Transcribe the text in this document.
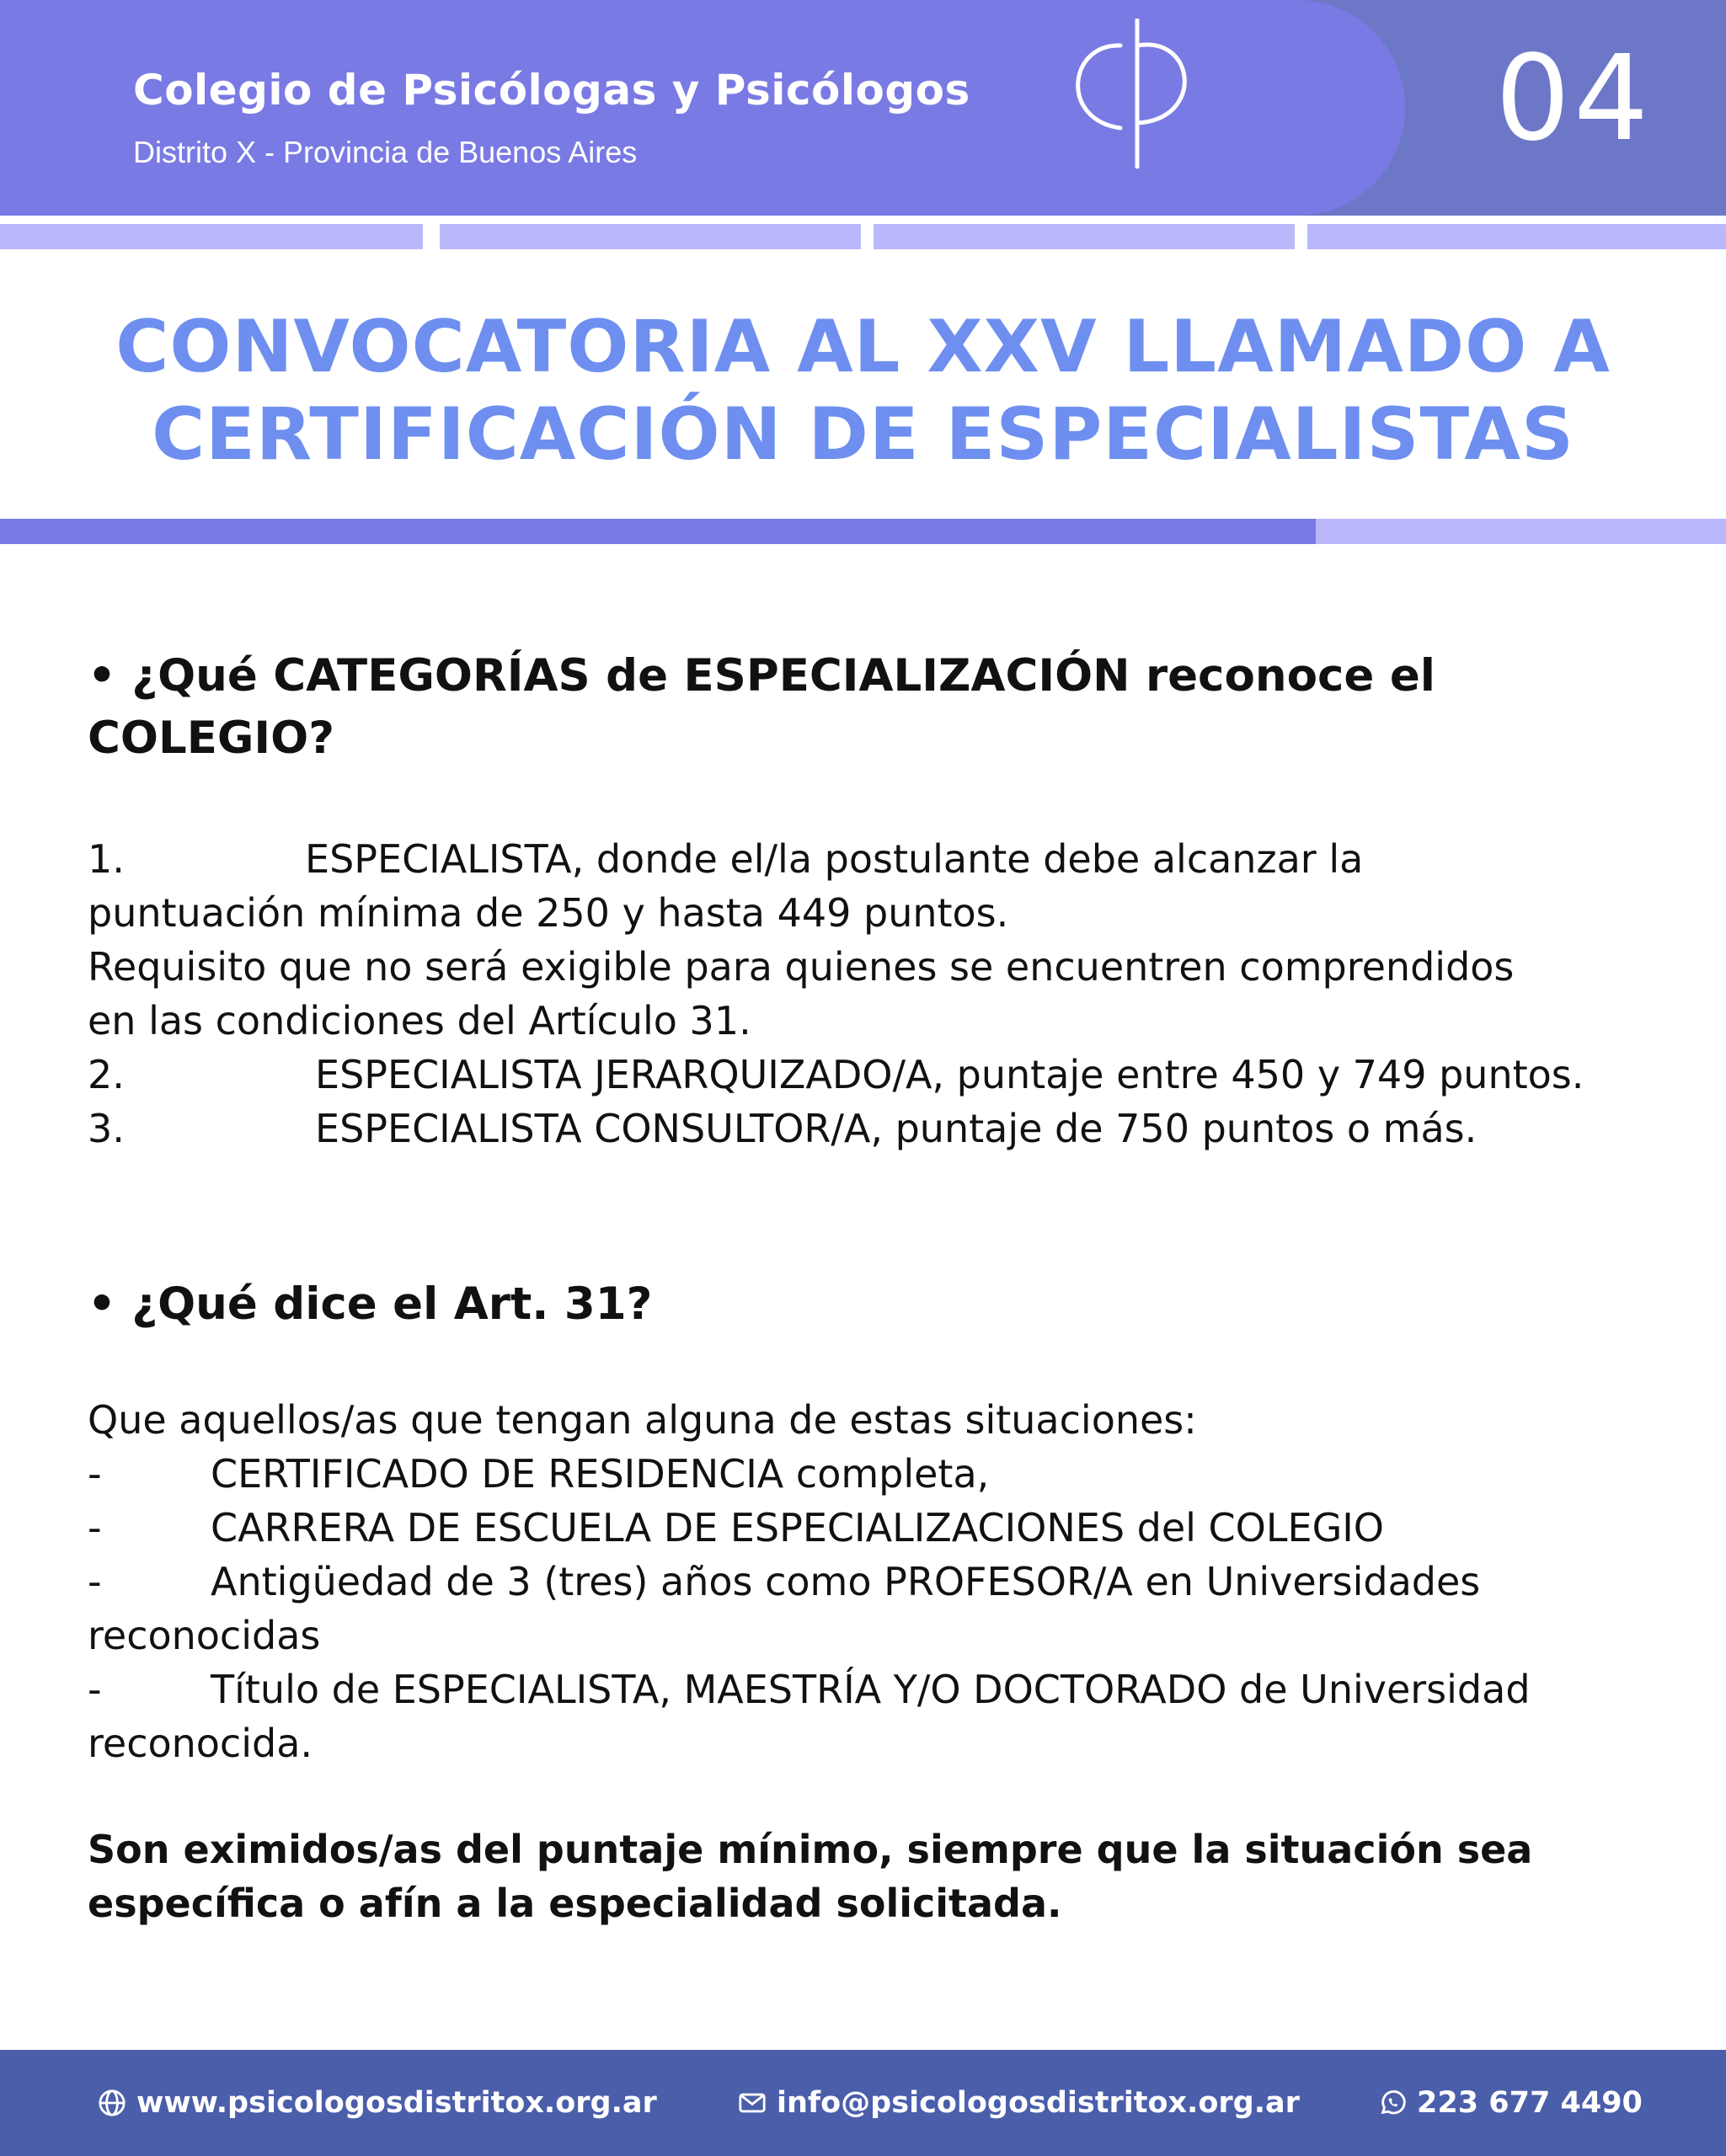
Colegio de Psicólogas y Psicólogos

Distrito X - Provincia de Buenos Aires	04

CONVOCATORIA AL XXV LLAMADO A
CERTIFICACIÓN DE ESPECIALISTAS
• ¿Qué CATEGORÍAS de ESPECIALIZACIÓN reconoce el
COLEGIO?

1.	ESPECIALISTA, donde el/la postulante debe alcanzar la

puntuación mínima de 250 y hasta 449 puntos.

Requisito que no será exigible para quienes se encuentren comprendidos

en las condiciones del Artículo 31.

2.	ESPECIALISTA JERARQUIZADO/A, puntaje entre 450 y 749 puntos.

3.	ESPECIALISTA CONSULTOR/A, puntaje de 750 puntos o más.

• ¿Qué dice el Art. 31?

Que aquellos/as que tengan alguna de estas situaciones:

-	CERTIFICADO DE RESIDENCIA completa,

-	CARRERA DE ESCUELA DE ESPECIALIZACIONES del COLEGIO

-	Antigüedad de 3 (tres) años como PROFESOR/A en Universidades

reconocidas

-	Título de ESPECIALISTA, MAESTRÍA Y/O DOCTORADO de Universidad

reconocida.

Son eximidos/as del puntaje mínimo, siempre que la situación sea
específica o afín a la especialidad solicitada.

www.psicologosdistritox.org.ar	info@psicologosdistritox.org.ar	223 677 4490
